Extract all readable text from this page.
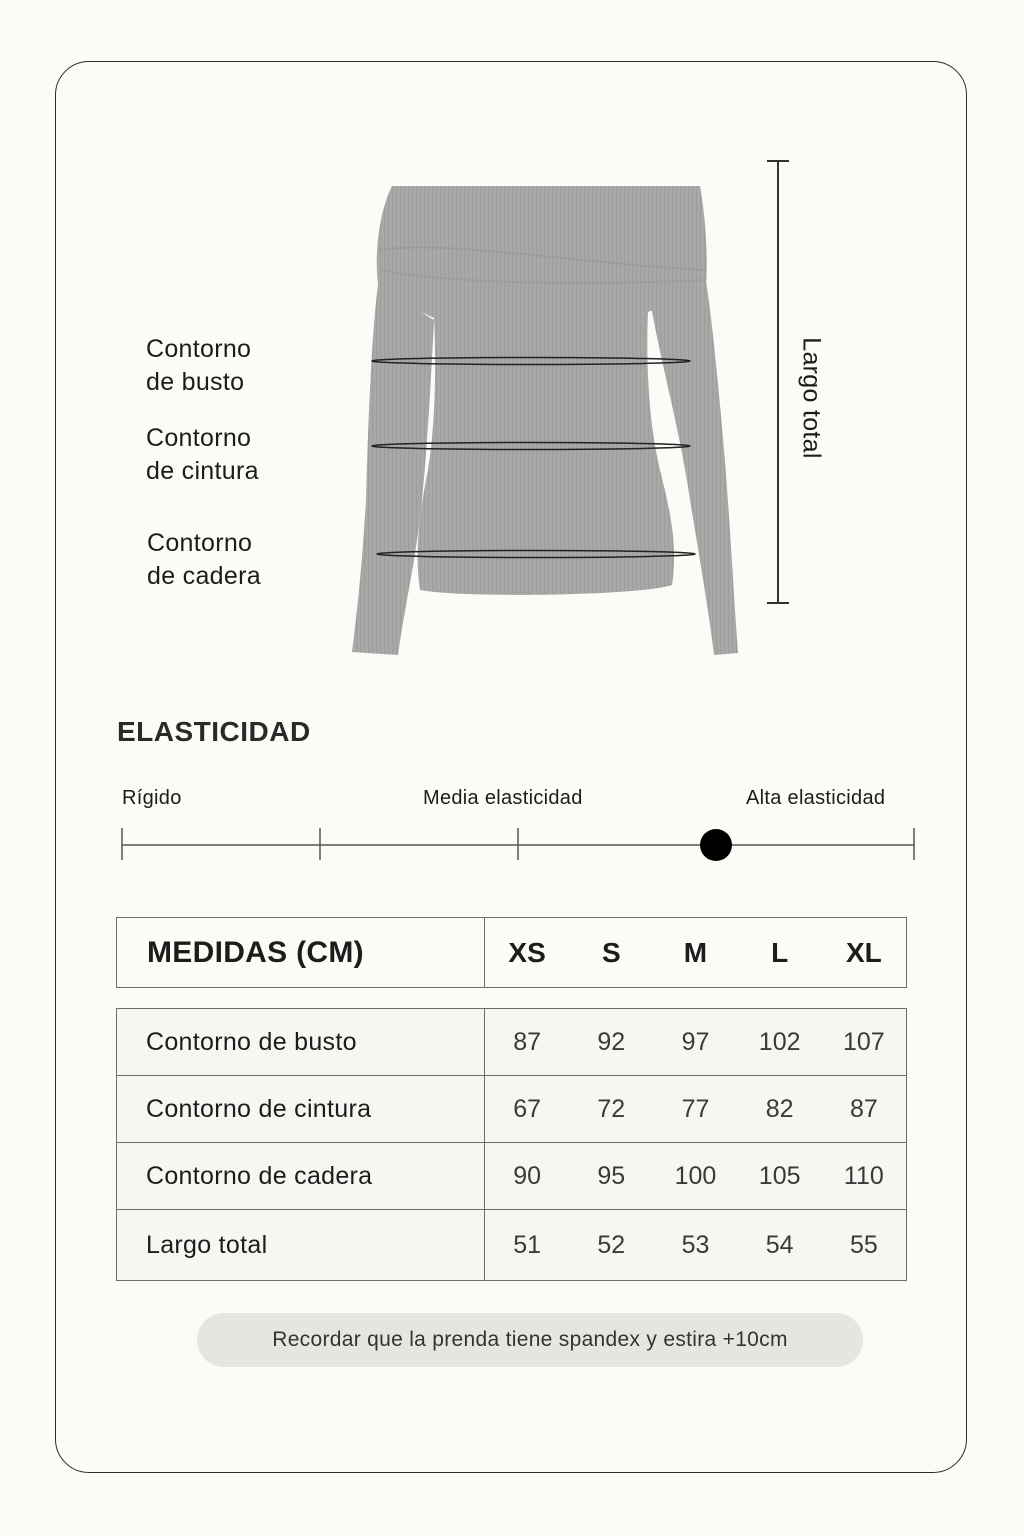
Contorno
de busto
Contorno
de cintura
Contorno
de cadera
Largo total
ELASTICIDAD
Rígido	Media elasticidad	Alta elasticidad
MEDIDAS (CM)	XS	S	M	L	XL
Contorno de busto	87 92 97 102 107

Contorno de cintura	67 72 77 82 87

Contorno de cadera	90 95 100 105 110

Largo total	51 52 53 54 55
Recordar que la prenda tiene spandex y estira +10cm
